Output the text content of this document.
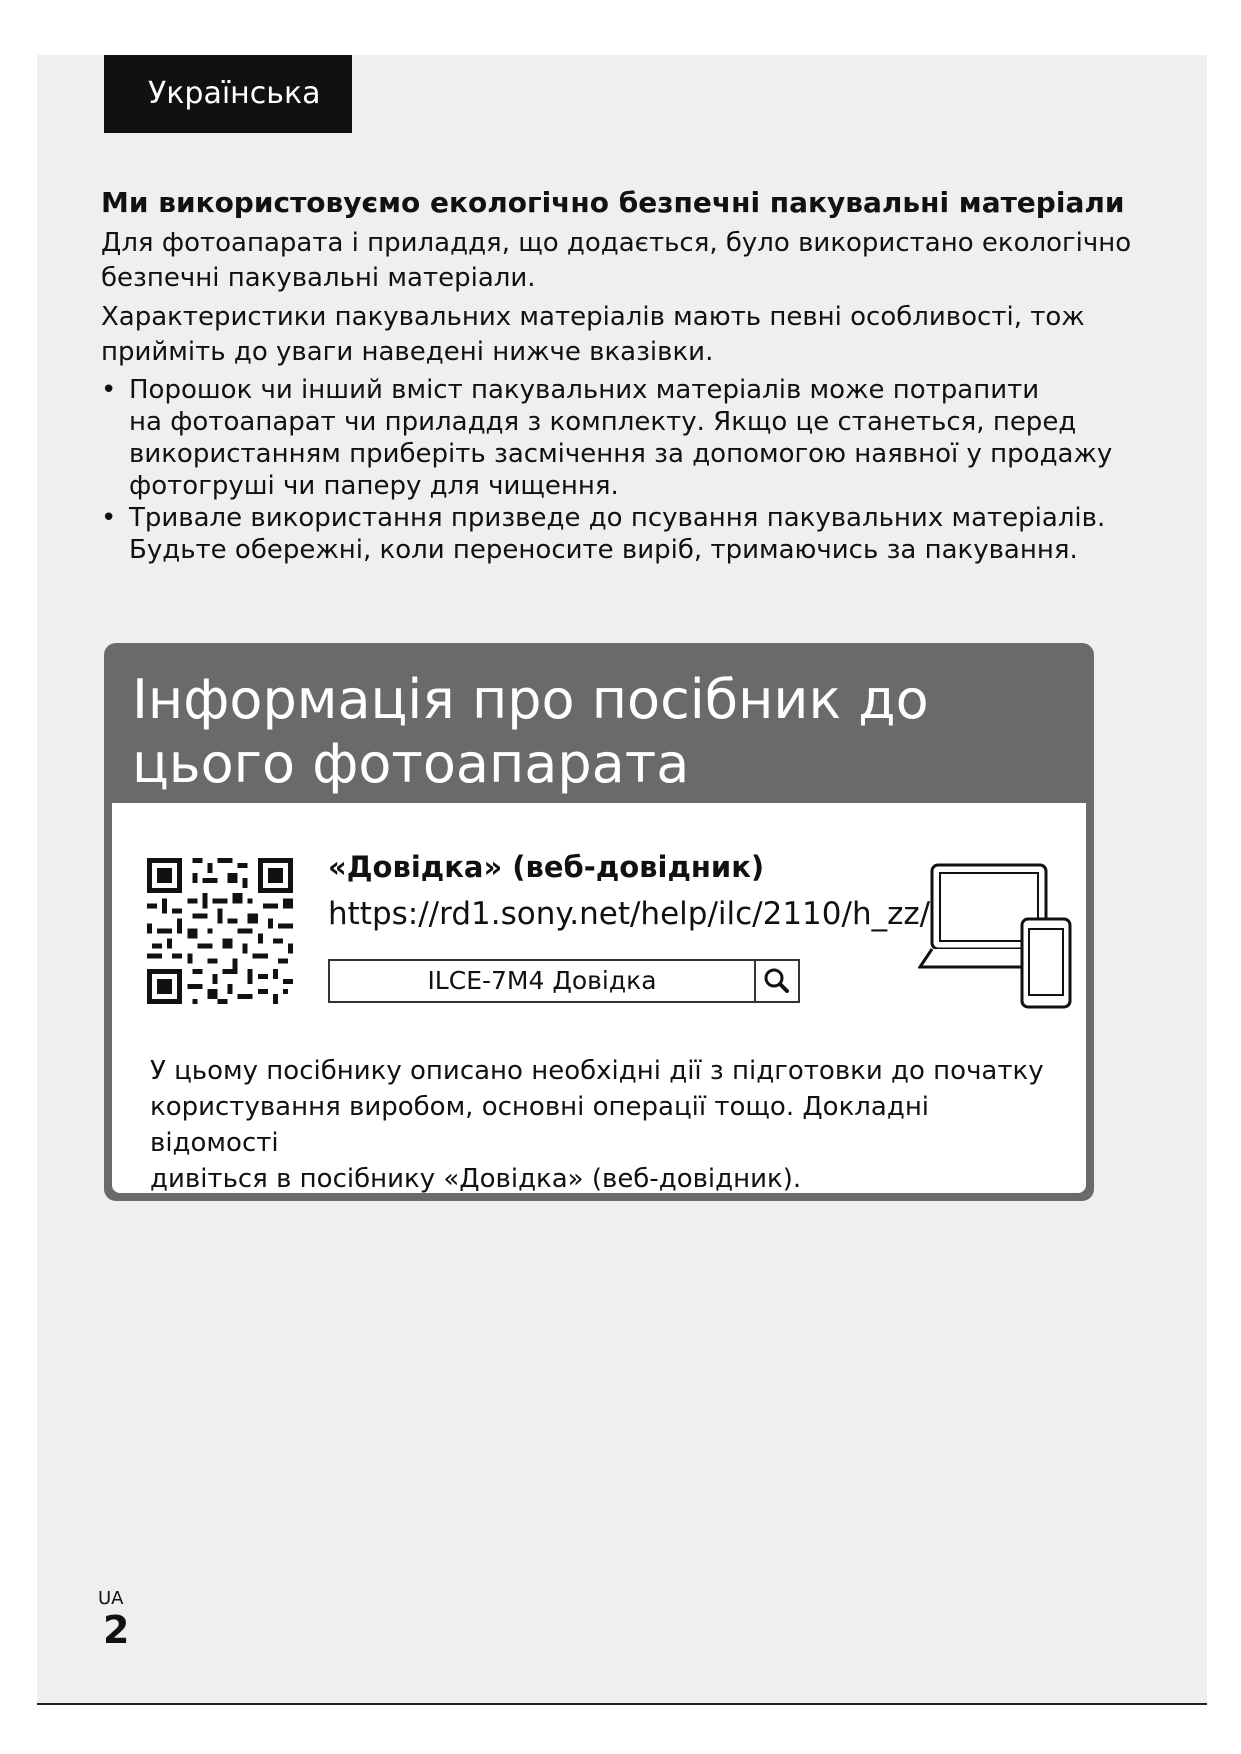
Українська
Ми використовуємо екологічно безпечні пакувальні матеріали

Для фотоапарата і приладдя, що додається, було використано екологічно
безпечні пакувальні матеріали.

Характеристики пакувальних матеріалів мають певні особливості, тож
прийміть до уваги наведені нижче вказівки.

• Порошок чи інший вміст пакувальних матеріалів може потрапити
на фотоапарат чи приладдя з комплекту. Якщо це станеться, перед
використанням приберіть засмічення за допомогою наявної у продажу
фотогруші чи паперу для чищення.
• Тривале використання призведе до псування пакувальних матеріалів.
Будьте обережні, коли переносите виріб, тримаючись за пакування.
Інформація про посібник до
цього фотоапарата
«Довідка» (веб-довідник)
https://rd1.sony.net/help/ilc/2110/h_zz/
ILCE-7M4 Довідка

У цьому посібнику описано необхідні дії з підготовки до початку
користування виробом, основні операції тощо. Докладні відомості
дивіться в посібнику «Довідка» (веб-довідник).

UA
2
